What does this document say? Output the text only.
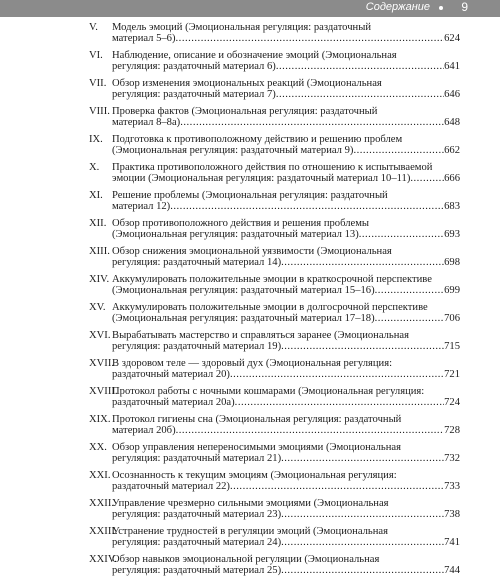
Содержание	9
V. Модель эмоций (Эмоциональная регуляция: раздаточный
материал 5–6) .....	624
VI. Наблюдение, описание и обозначение эмоций (Эмоциональная
регуляция: раздаточный материал 6) .....	641
VII. Обзор изменения эмоциональных реакций (Эмоциональная
регуляция: раздаточный материал 7) .....	646
VIII. Проверка фактов (Эмоциональная регуляция: раздаточный
материал 8–8а) .....	648
IX. Подготовка к противоположному действию и решению проблем
(Эмоциональная регуляция: раздаточный материал 9) .....	662
X. Практика противоположного действия по отношению к испытываемой
эмоции (Эмоциональная регуляция: раздаточный материал 10–11) .....	666
XI. Решение проблемы (Эмоциональная регуляция: раздаточный
материал 12) .....	683
XII. Обзор противоположного действия и решения проблемы
(Эмоциональная регуляция: раздаточный материал 13) .....	693
XIII. Обзор снижения эмоциональной уязвимости (Эмоциональная
регуляция: раздаточный материал 14) .....	698
XIV. Аккумулировать положительные эмоции в краткосрочной перспективе
(Эмоциональная регуляция: раздаточный материал 15–16) .....	699
XV. Аккумулировать положительные эмоции в долгосрочной перспективе
(Эмоциональная регуляция: раздаточный материал 17–18) .....	706
XVI. Вырабатывать мастерство и справляться заранее (Эмоциональная
регуляция: раздаточный материал 19) .....	715
XVII.
В здоровом теле — здоровый дух (Эмоциональная регуляция:
раздаточный материал 20) .....	721
XVIII.
Протокол работы с ночными кошмарами (Эмоциональная регуляция:
раздаточный материал 20а) .....	724
XIX. Протокол гигиены сна (Эмоциональная регуляция: раздаточный
материал 20б) .....	728
XX. Обзор управления непереносимыми эмоциями (Эмоциональная
регуляция: раздаточный материал 21) .....	732
XXI. Осознанность к текущим эмоциям (Эмоциональная регуляция:
раздаточный материал 22) .....	733
XXII.
Управление чрезмерно сильными эмоциями (Эмоциональная
регуляция: раздаточный материал 23) .....	738
XXIII.
Устранение трудностей в регуляции эмоций (Эмоциональная
регуляция: раздаточный материал 24) .....	741
XXIV.
Обзор навыков эмоциональной регуляции (Эмоциональная
регуляция: раздаточный материал 25) .....	744
